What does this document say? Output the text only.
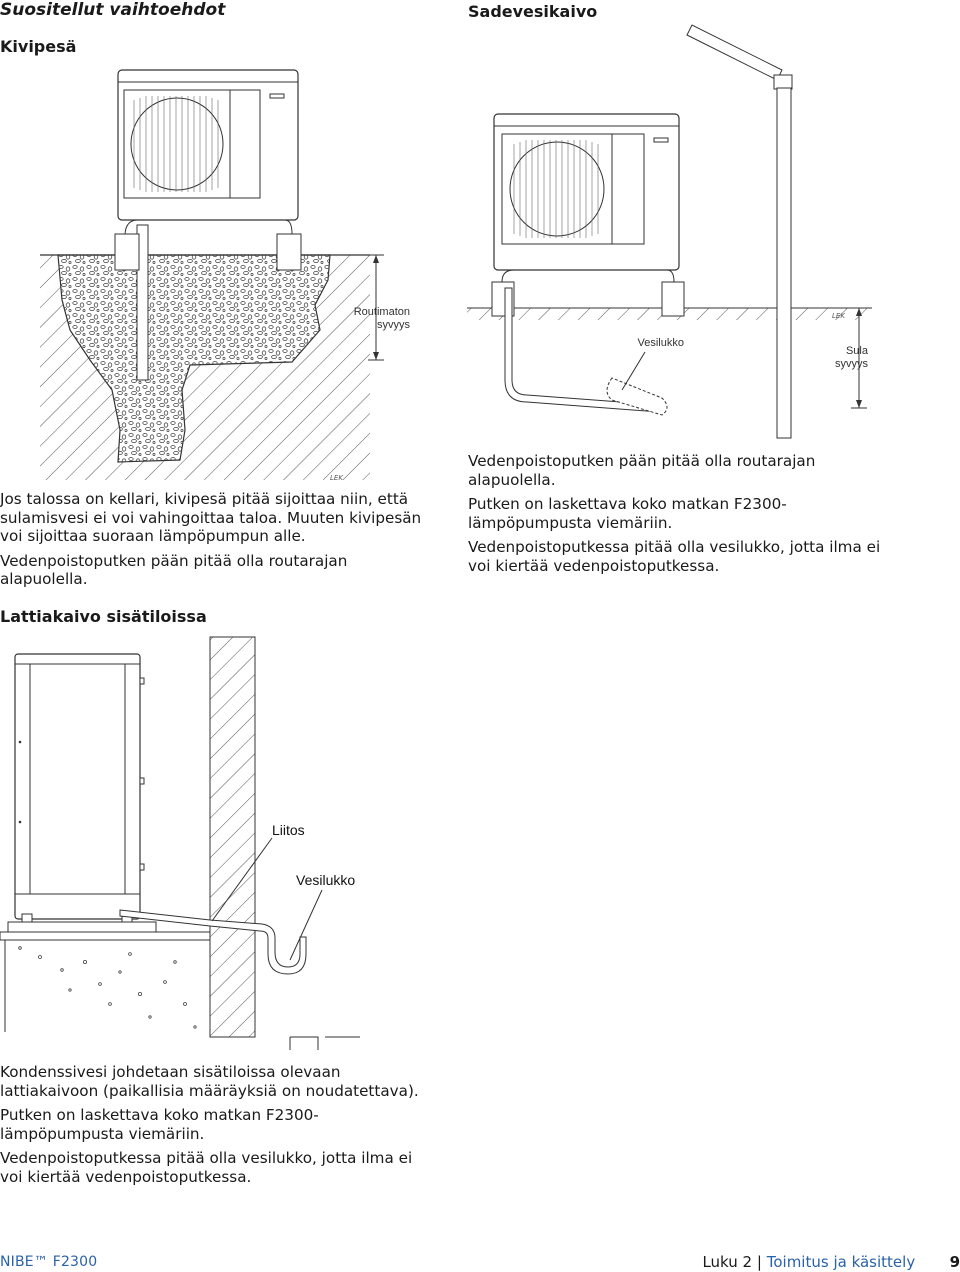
Suositellut vaihtoehdot
Kivipesä
Routimaton
syvyys
LEK

Jos talossa on kellari, kivipesä pitää sijoittaa niin, että sulamisvesi ei voi vahingoittaa taloa. Muuten kivipesän voi sijoittaa suoraan lämpöpumpun alle.

Vedenpoistoputken pään pitää olla routarajan alapuolella.

Sadevesikaivo
Vesilukko
Sula
syvyys
LEK

Vedenpoistoputken pään pitää olla routarajan alapuolella.

Putken on laskettava koko matkan F2300-lämpöpumpusta viemäriin.

Vedenpoistoputkessa pitää olla vesilukko, jotta ilma ei voi kiertää vedenpoistoputkessa.

Lattiakaivo sisätiloissa
Liitos
Vesilukko

Kondenssivesi johdetaan sisätiloissa olevaan lattiakaivoon (paikallisia määräyksiä on noudatettava).

Putken on laskettava koko matkan F2300-lämpöpumpusta viemäriin.

Vedenpoistoputkessa pitää olla vesilukko, jotta ilma ei voi kiertää vedenpoistoputkessa.

NIBE™ F2300	Luku 2 | Toimitus ja käsittely 9
